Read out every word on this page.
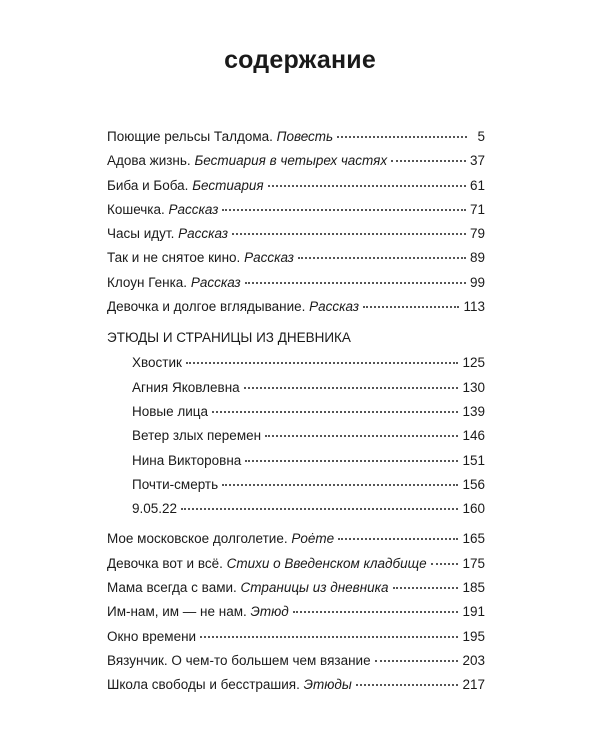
содержание
Поющие рельсы Талдома. Повесть	5
Адова жизнь. Бестиария в четырех частях	37
Биба и Боба. Бестиария	61
Кошечка. Рассказ	71
Часы идут. Рассказ	79
Так и не снятое кино. Рассказ	89
Клоун Генка. Рассказ	99
Девочка и долгое вглядывание. Рассказ	113
ЭТЮДЫ И СТРАНИЦЫ ИЗ ДНЕВНИКА
Хвостик	125
Агния Яковлевна	130
Новые лица	139
Ветер злых перемен	146
Нина Викторовна	151
Почти-смерть	156
9.05.22	160
Мое московское долголетие. Poėте	165
Девочка вот и всё. Стихи о Введенском кладбище	175
Мама всегда с вами. Страницы из дневника	185
Им-нам, им — не нам. Этюд	191
Окно времени	195
Вязунчик. О чем-то большем чем вязание	203
Школа свободы и бесстрашия. Этюды	217
